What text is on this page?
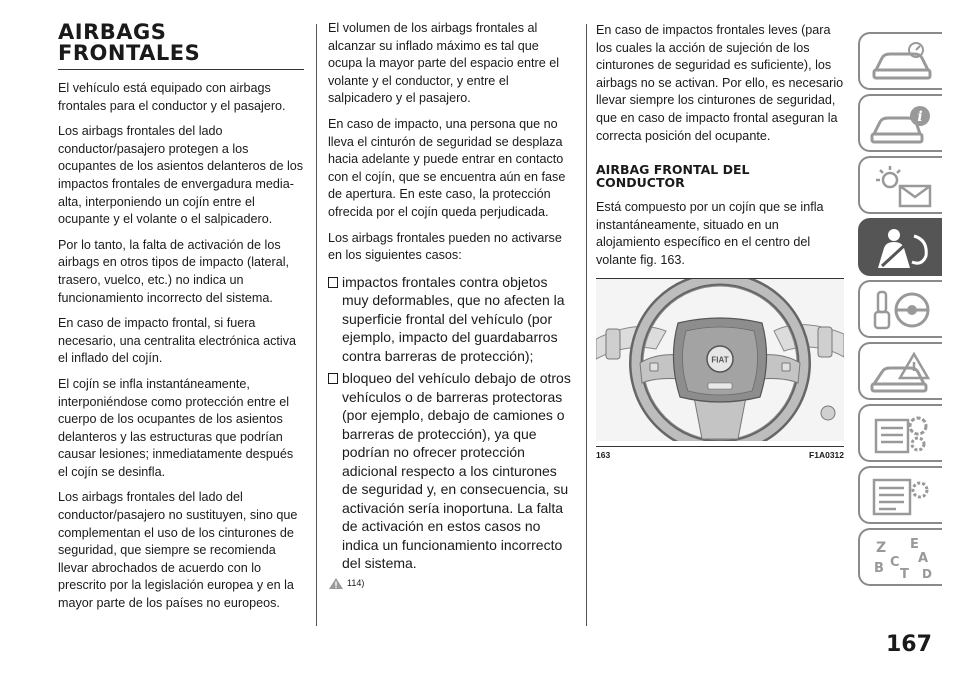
AIRBAGS
FRONTALES

El vehículo está equipado con airbags frontales para el conductor y el pasajero.

Los airbags frontales del lado conductor/pasajero protegen a los ocupantes de los asientos delanteros de los impactos frontales de envergadura media-alta, interponiendo un cojín entre el ocupante y el volante o el salpicadero.

Por lo tanto, la falta de activación de los airbags en otros tipos de impacto (lateral, trasero, vuelco, etc.) no indica un funcionamiento incorrecto del sistema.

En caso de impacto frontal, si fuera necesario, una centralita electrónica activa el inflado del cojín.

El cojín se infla instantáneamente, interponiéndose como protección entre el cuerpo de los ocupantes de los asientos delanteros y las estructuras que podrían causar lesiones; inmediatamente después el cojín se desinfla.

Los airbags frontales del lado del conductor/pasajero no sustituyen, sino que complementan el uso de los cinturones de seguridad, que siempre se recomienda llevar abrochados de acuerdo con lo prescrito por la legislación europea y en la mayor parte de los países no europeos.

El volumen de los airbags frontales al alcanzar su inflado máximo es tal que ocupa la mayor parte del espacio entre el volante y el conductor, y entre el salpicadero y el pasajero.

En caso de impacto, una persona que no lleva el cinturón de seguridad se desplaza hacia adelante y puede entrar en contacto con el cojín, que se encuentra aún en fase de apertura. En este caso, la protección ofrecida por el cojín queda perjudicada.

Los airbags frontales pueden no activarse en los siguientes casos:

impactos frontales contra objetos muy deformables, que no afecten la superficie frontal del vehículo (por ejemplo, impacto del guardabarros contra barreras de protección);
bloqueo del vehículo debajo de otros vehículos o de barreras protectoras (por ejemplo, debajo de camiones o barreras de protección), ya que podrían no ofrecer protección adicional respecto a los cinturones de seguridad y, en consecuencia, su activación sería inoportuna. La falta de activación en estos casos no indica un funcionamiento incorrecto del sistema.
114)

En caso de impactos frontales leves (para los cuales la acción de sujeción de los cinturones de seguridad es suficiente), los airbags no se activan. Por ello, es necesario llevar siempre los cinturones de seguridad, que en caso de impacto frontal aseguran la correcta posición del ocupante.

AIRBAG FRONTAL DEL
CONDUCTOR

Está compuesto por un cojín que se infla instantáneamente, situado en un alojamiento específico en el centro del volante fig. 163.

FIAT
163	F1A0312
i
Z E
A
B C
T D
167
